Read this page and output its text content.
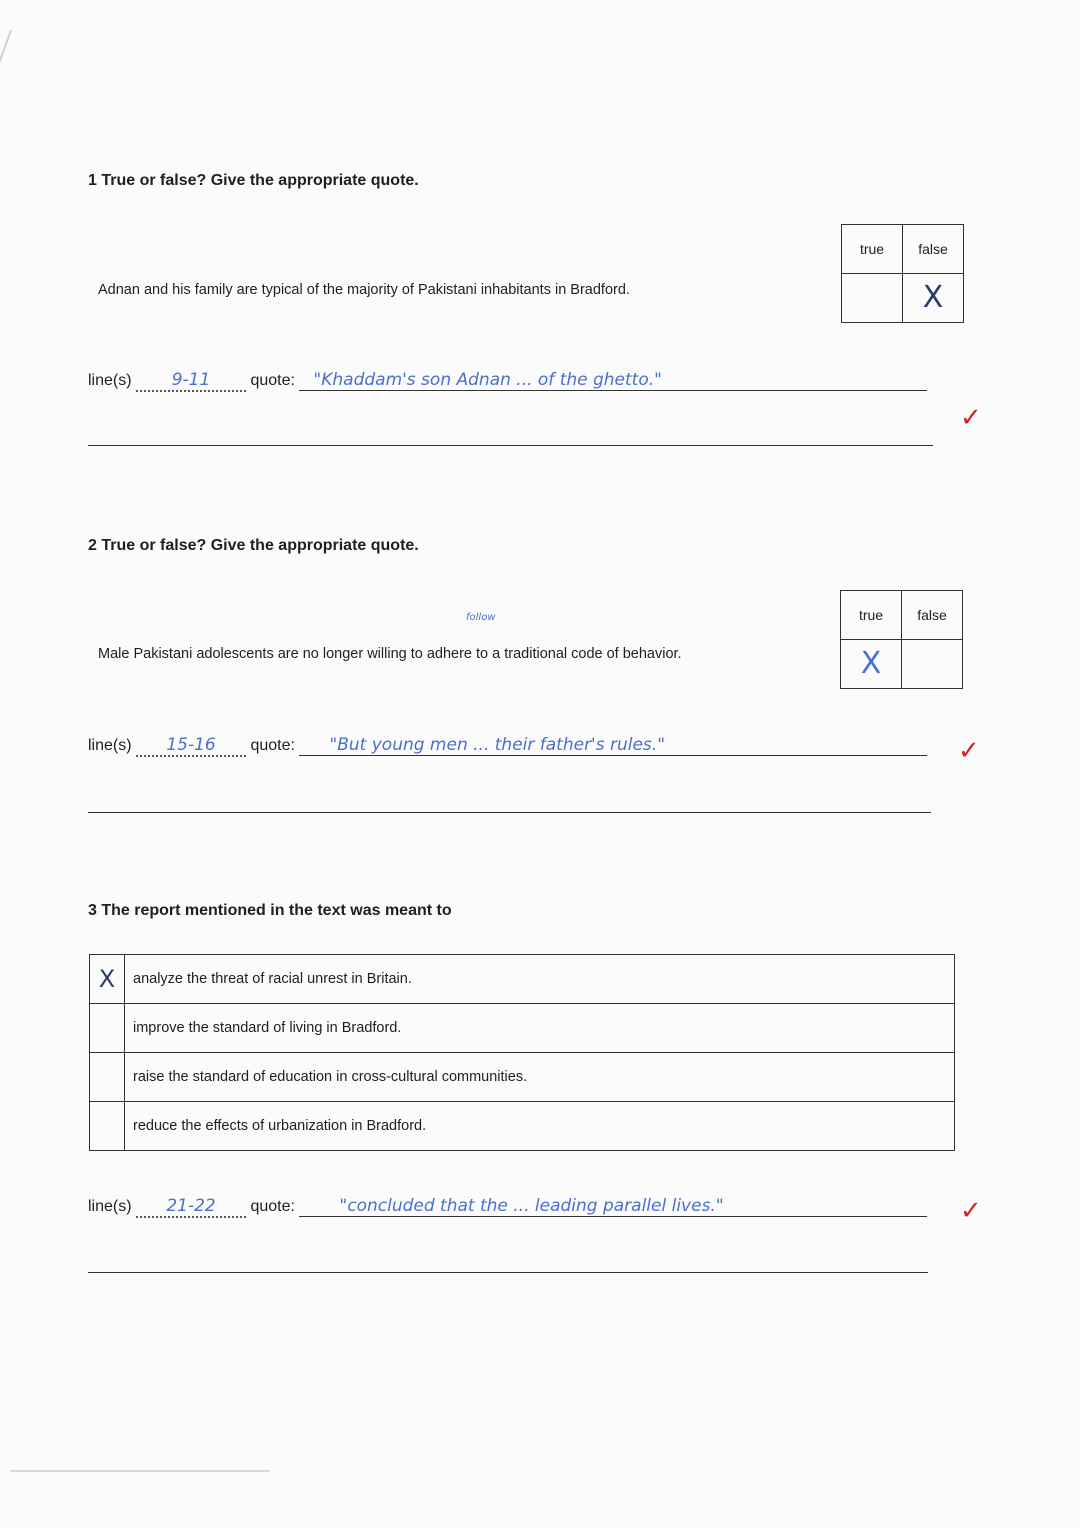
1 True or false? Give the appropriate quote.
true	false
	X
Adnan and his family are typical of the majority of Pakistani inhabitants in Bradford.
line(s) 9-11	quote: "Khaddam's son Adnan ... of the ghetto."
✓
2 True or false? Give the appropriate quote.
true	false
X	
follow
Male Pakistani adolescents are no longer willing to adhere to a traditional code of behavior.
line(s) 15-16 quote: "But young men ... their father's rules."	✓
3 The report mentioned in the text was meant to
X	analyze the threat of racial unrest in Britain.
	improve the standard of living in Bradford.
	raise the standard of education in cross-cultural communities.
	reduce the effects of urbanization in Bradford.
line(s) 21-22 quote:	"concluded that the ... leading parallel lives."	✓
